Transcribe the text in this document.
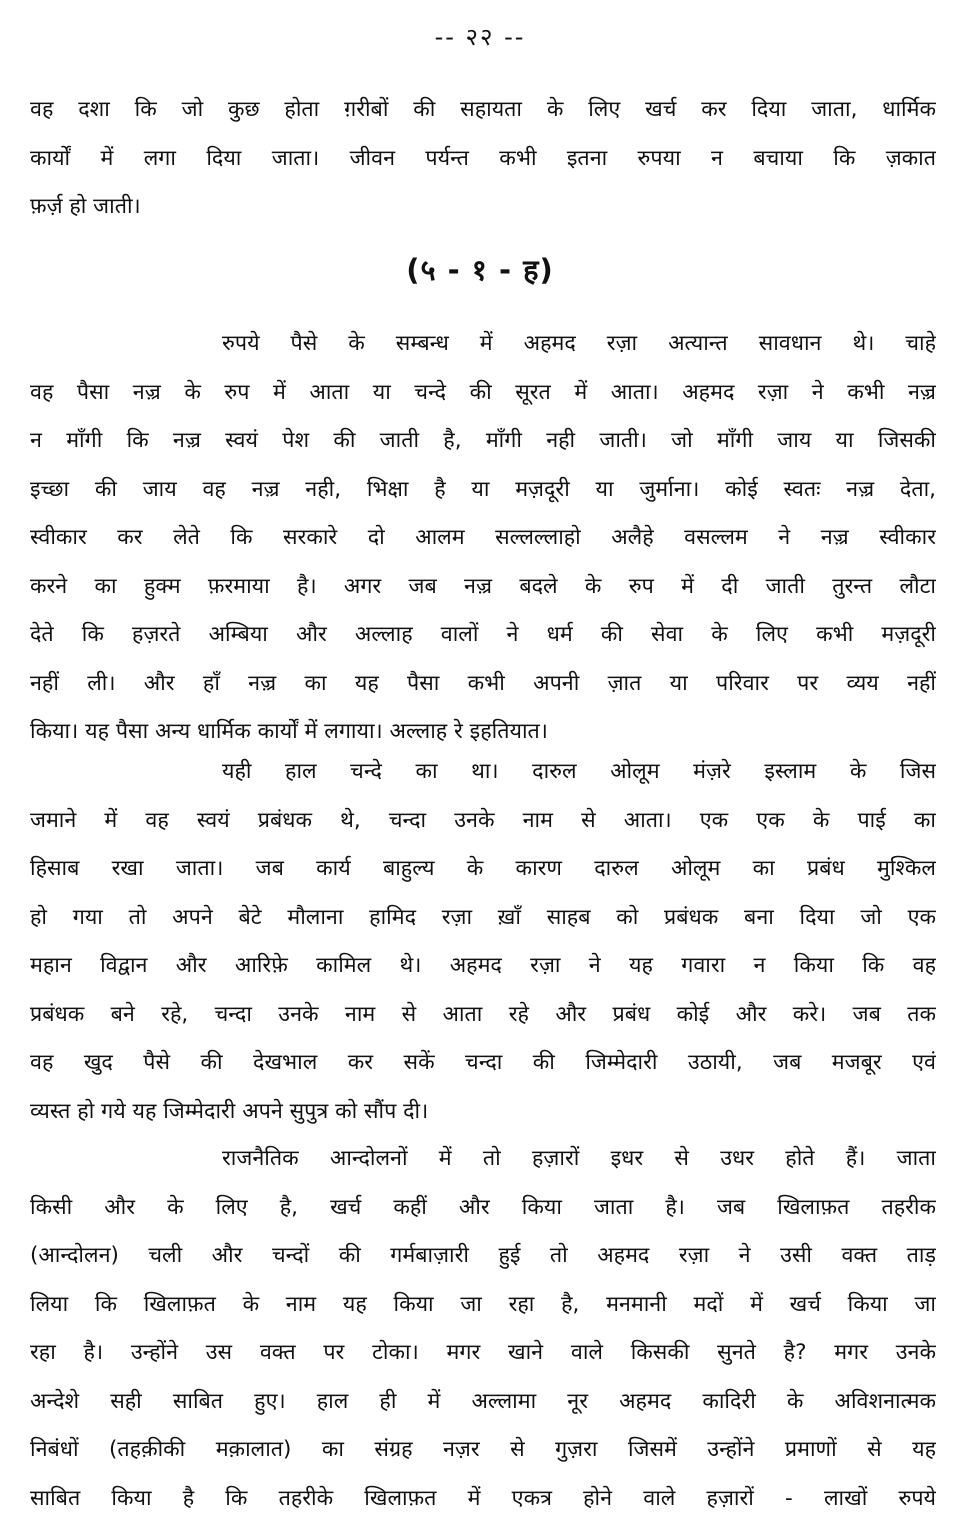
-- २२ --
वह दशा कि जो कुछ होता ग़रीबों की सहायता के लिए खर्च कर दिया जाता, धार्मिक
कार्यों में लगा दिया जाता। जीवन पर्यन्त कभी इतना रुपया न बचाया कि ज़कात
फ़र्ज़ हो जाती।
(५ - १ - ह)
रुपये पैसे के सम्बन्ध में अहमद रज़ा अत्यान्त सावधान थे। चाहे
वह पैसा नज़्र के रुप में आता या चन्दे की सूरत में आता। अहमद रज़ा ने कभी नज़्र
न माँगी कि नज़्र स्वयं पेश की जाती है, माँगी नही जाती। जो माँगी जाय या जिसकी
इच्छा की जाय वह नज़्र नही, भिक्षा है या मज़दूरी या जुर्माना। कोई स्वतः नज़्र देता,
स्वीकार कर लेते कि सरकारे दो आलम सल्लल्लाहो अलैहे वसल्लम ने नज़्र स्वीकार
करने का हुक्म फ़रमाया है। अगर जब नज़्र बदले के रुप में दी जाती तुरन्त लौटा
देते कि हज़रते अम्बिया और अल्लाह वालों ने धर्म की सेवा के लिए कभी मज़दूरी
नहीं ली। और हाँ नज़्र का यह पैसा कभी अपनी ज़ात या परिवार पर व्यय नहीं
किया। यह पैसा अन्य धार्मिक कार्यों में लगाया। अल्लाह रे इहतियात।
यही हाल चन्दे का था। दारुल ओलूम मंज़रे इस्लाम के जिस
जमाने में वह स्वयं प्रबंधक थे, चन्दा उनके नाम से आता। एक एक के पाई का
हिसाब रखा जाता। जब कार्य बाहुल्य के कारण दारुल ओलूम का प्रबंध मुश्किल
हो गया तो अपने बेटे मौलाना हामिद रज़ा ख़ाँ साहब को प्रबंधक बना दिया जो एक
महान विद्वान और आरिफ़े कामिल थे। अहमद रज़ा ने यह गवारा न किया कि वह
प्रबंधक बने रहे, चन्दा उनके नाम से आता रहे और प्रबंध कोई और करे। जब तक
वह खुद पैसे की देखभाल कर सकें चन्दा की जिम्मेदारी उठायी, जब मजबूर एवं
व्यस्त हो गये यह जिम्मेदारी अपने सुपुत्र को सौंप दी।
राजनैतिक आन्दोलनों में तो हज़ारों इधर से उधर होते हैं। जाता
किसी और के लिए है, खर्च कहीं और किया जाता है। जब खिलाफ़त तहरीक
(आन्दोलन) चली और चन्दों की गर्मबाज़ारी हुई तो अहमद रज़ा ने उसी वक्त ताड़
लिया कि खिलाफ़त के नाम यह किया जा रहा है, मनमानी मदों में खर्च किया जा
रहा है। उन्होंने उस वक्त पर टोका। मगर खाने वाले किसकी सुनते है? मगर उनके
अन्देशे सही साबित हुए। हाल ही में अल्लामा नूर अहमद कादिरी के अविशनात्मक
निबंधों (तहक़ीकी मक़ालात) का संग्रह नज़र से गुज़रा जिसमें उन्होंने प्रमाणों से यह
साबित किया है कि तहरीके खिलाफ़त में एकत्र होने वाले हज़ारों - लाखों रुपये
